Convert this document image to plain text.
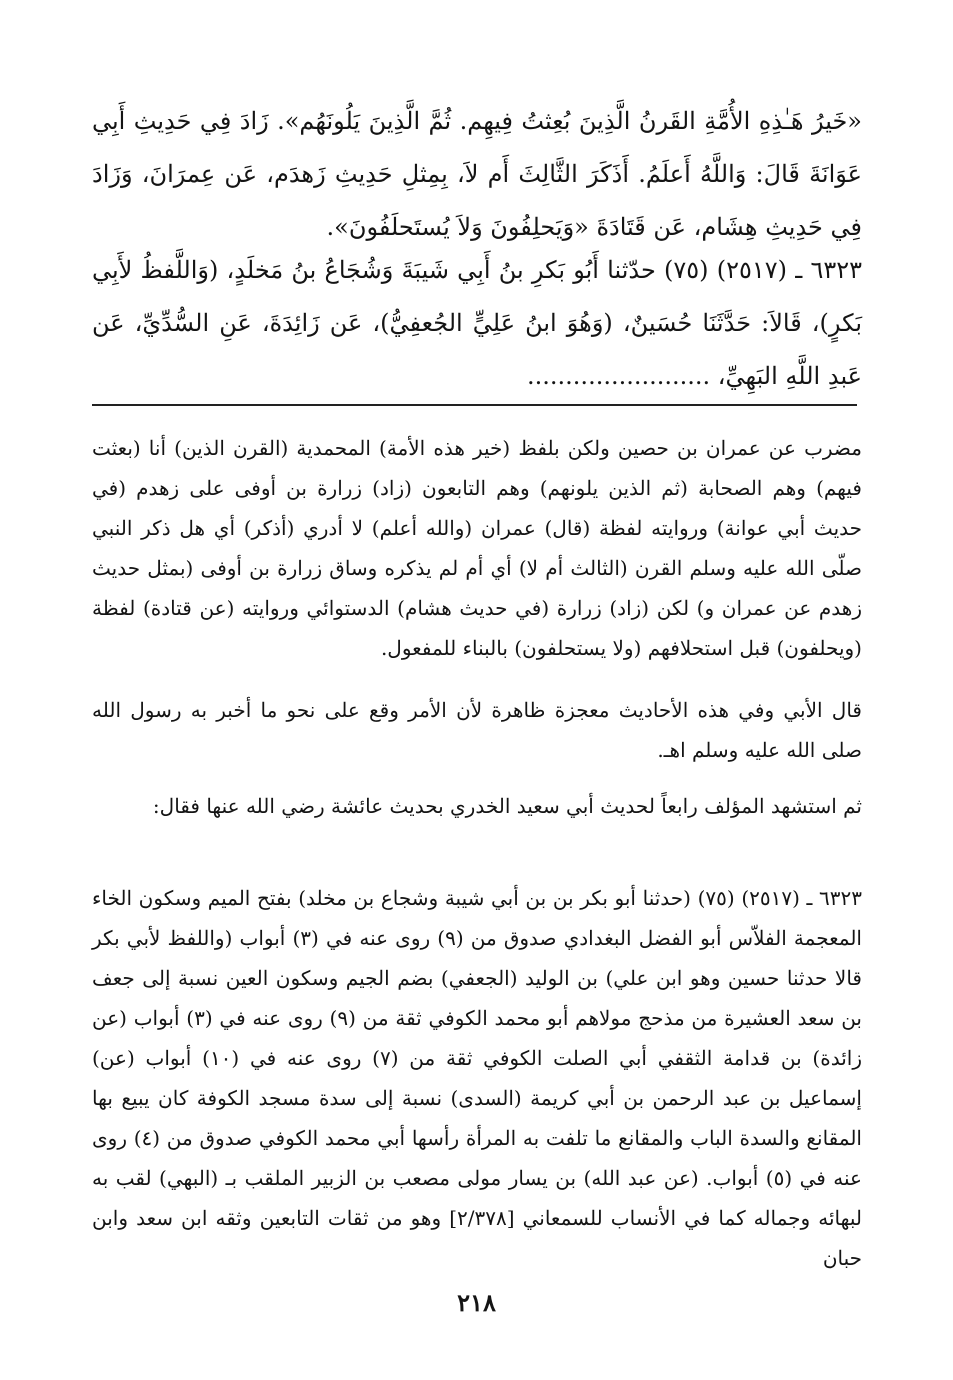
«خَيرُ هَـٰذِهِ الأُمَّةِ القَرنُ الَّذِينَ بُعِثتُ فِيهِم. ثُمَّ الَّذِينَ يَلُونَهُم». زَادَ فِي حَدِيثِ أَبِي عَوَانَةَ قَالَ: وَاللَّهُ أَعلَمُ. أَذَكَرَ الثَّالِثَ أَم لاَ، بِمِثلِ حَدِيثِ زَهدَم، عَن عِمرَانَ، وَزَادَ فِي حَدِيثِ هِشَام، عَن قَتَادَةَ «وَيَحلِفُونَ وَلاَ يُستَحلَفُونَ».

٦٣٢٣ ـ (٢٥١٧) (٧٥) حدّثنا أَبُو بَكرِ بنُ أَبِي شَيبَةَ وَشُجَاعُ بنُ مَخلَدٍ، (وَاللَّفظُ لأَبِي بَكرٍ)، قَالاَ: حَدَّثَنَا حُسَينٌ، (وَهُوَ ابنُ عَلِيٍّ الجُعفِيُّ)، عَن زَائِدَةَ، عَنِ السُّدِّيِّ، عَن عَبدِ اللَّهِ البَهِيِّ، ........................

مضرب عن عمران بن حصين ولكن بلفظ (خير هذه الأمة) المحمدية (القرن الذين) أنا (بعثت فيهم) وهم الصحابة (ثم الذين يلونهم) وهم التابعون (زاد) زرارة بن أوفى على زهدم (في حديث أبي عوانة) وروايته لفظة (قال) عمران (والله أعلم) لا أدري (أذكر) أي هل ذكر النبي صلّى الله عليه وسلم القرن (الثالث أم لا) أي أم لم يذكره وساق زرارة بن أوفى (بمثل حديث زهدم عن عمران و) لكن (زاد) زرارة (في حديث هشام) الدستوائي وروايته (عن قتادة) لفظة (ويحلفون) قبل استحلافهم (ولا يستحلفون) بالبناء للمفعول.

قال الأبي وفي هذه الأحاديث معجزة ظاهرة لأن الأمر وقع على نحو ما أخبر به رسول الله صلى الله عليه وسلم اهـ.

ثم استشهد المؤلف رابعاً لحديث أبي سعيد الخدري بحديث عائشة رضي الله عنها فقال:

٦٣٢٣ ـ (٢٥١٧) (٧٥) (حدثنا أبو بكر بن بن أبي شيبة وشجاع بن مخلد) بفتح الميم وسكون الخاء المعجمة الفلاّس أبو الفضل البغدادي صدوق من (٩) روى عنه في (٣) أبواب (واللفظ لأبي بكر قالا حدثنا حسين وهو ابن علي) بن الوليد (الجعفي) بضم الجيم وسكون العين نسبة إلى جعف بن سعد العشيرة من مذحج مولاهم أبو محمد الكوفي ثقة من (٩) روى عنه في (٣) أبواب (عن زائدة) بن قدامة الثقفي أبي الصلت الكوفي ثقة من (٧) روى عنه في (١٠) أبواب (عن) إسماعيل بن عبد الرحمن بن أبي كريمة (السدى) نسبة إلى سدة مسجد الكوفة كان يبيع بها المقانع والسدة الباب والمقانع ما تلفت به المرأة رأسها أبي محمد الكوفي صدوق من (٤) روى عنه في (٥) أبواب. (عن عبد الله) بن يسار مولى مصعب بن الزبير الملقب بـ (البهي) لقب به لبهائه وجماله كما في الأنساب للسمعاني [٢/٣٧٨] وهو من ثقات التابعين وثقه ابن سعد وابن حبان

٢١٨
